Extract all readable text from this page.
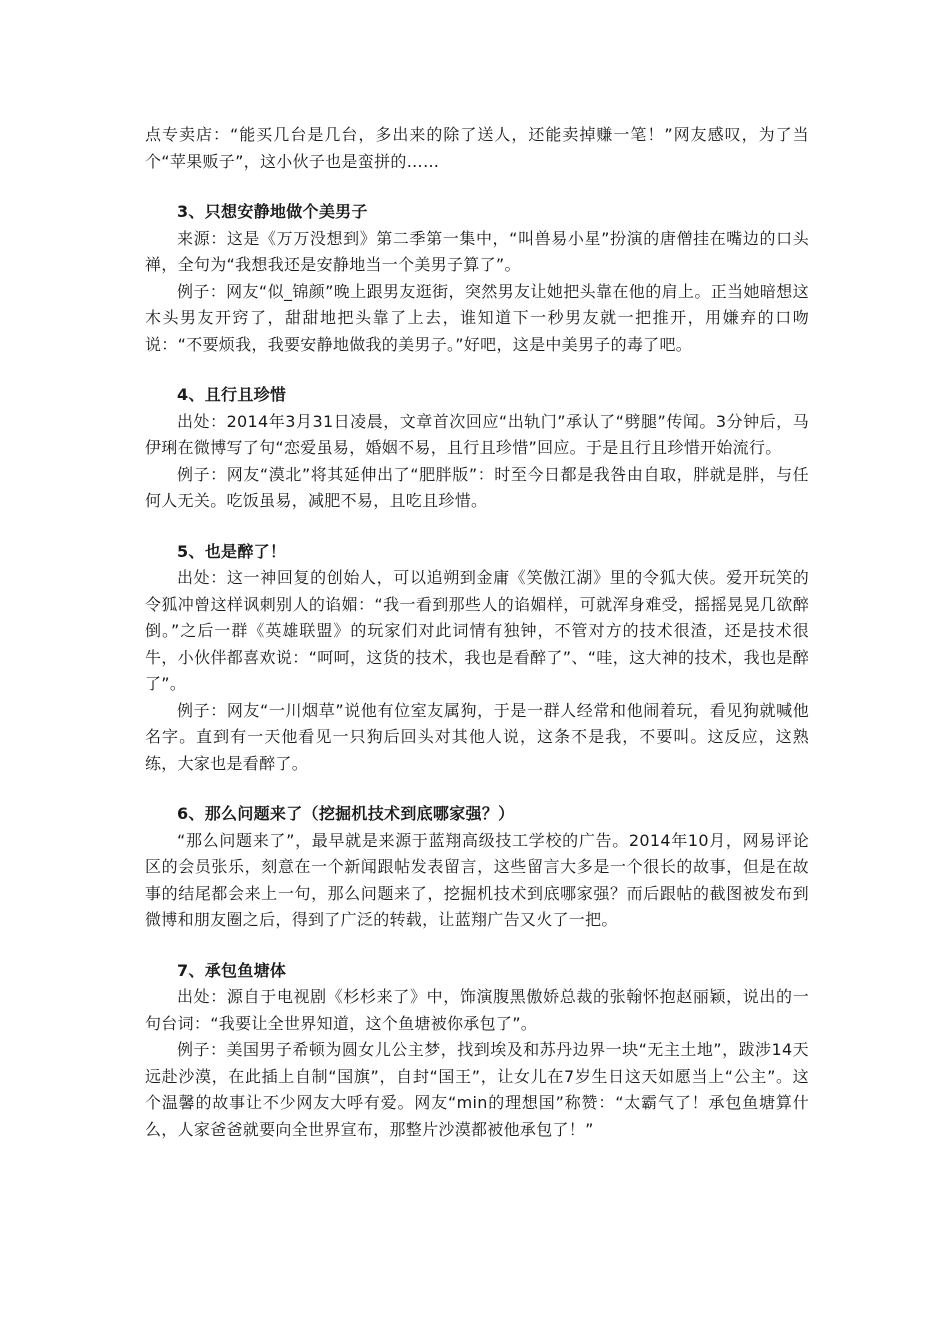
点专卖店：“能买几台是几台，多出来的除了送人，还能卖掉赚一笔！”网友感叹，为了当个“苹果贩子”，这小伙子也是蛮拼的……

3、只想安静地做个美男子

来源：这是《万万没想到》第二季第一集中，“叫兽易小星”扮演的唐僧挂在嘴边的口头禅，全句为“我想我还是安静地当一个美男子算了”。

例子：网友“似_锦颜”晚上跟男友逛街，突然男友让她把头靠在他的肩上。正当她暗想这木头男友开窍了，甜甜地把头靠了上去，谁知道下一秒男友就一把推开，用嫌弃的口吻说：“不要烦我，我要安静地做我的美男子。”好吧，这是中美男子的毒了吧。

4、且行且珍惜

出处：2014年3月31日凌晨，文章首次回应“出轨门”承认了“劈腿”传闻。3分钟后，马伊琍在微博写了句“恋爱虽易，婚姻不易，且行且珍惜”回应。于是且行且珍惜开始流行。

例子：网友“漠北”将其延伸出了“肥胖版”：时至今日都是我咎由自取，胖就是胖，与任何人无关。吃饭虽易，减肥不易，且吃且珍惜。

5、也是醉了！

出处：这一神回复的创始人，可以追朔到金庸《笑傲江湖》里的令狐大侠。爱开玩笑的令狐冲曾这样讽刺别人的谄媚：“我一看到那些人的谄媚样，可就浑身难受，摇摇晃晃几欲醉倒。”之后一群《英雄联盟》的玩家们对此词情有独钟，不管对方的技术很渣，还是技术很牛，小伙伴都喜欢说：“呵呵，这货的技术，我也是看醉了”、“哇，这大神的技术，我也是醉了”。

例子：网友“一川烟草”说他有位室友属狗，于是一群人经常和他闹着玩，看见狗就喊他名字。直到有一天他看见一只狗后回头对其他人说，这条不是我，不要叫。这反应，这熟练，大家也是看醉了。

6、那么问题来了（挖掘机技术到底哪家强？）

“那么问题来了”，最早就是来源于蓝翔高级技工学校的广告。2014年10月，网易评论区的会员张乐，刻意在一个新闻跟帖发表留言，这些留言大多是一个很长的故事，但是在故事的结尾都会来上一句，那么问题来了，挖掘机技术到底哪家强？而后跟帖的截图被发布到微博和朋友圈之后，得到了广泛的转载，让蓝翔广告又火了一把。

7、承包鱼塘体

出处：源自于电视剧《杉杉来了》中，饰演腹黑傲娇总裁的张翰怀抱赵丽颖，说出的一句台词：“我要让全世界知道，这个鱼塘被你承包了”。

例子：美国男子希顿为圆女儿公主梦，找到埃及和苏丹边界一块“无主土地”，跋涉14天远赴沙漠，在此插上自制“国旗”，自封“国王”，让女儿在7岁生日这天如愿当上“公主”。这个温馨的故事让不少网友大呼有爱。网友“min的理想国”称赞：“太霸气了！承包鱼塘算什么，人家爸爸就要向全世界宣布，那整片沙漠都被他承包了！”
